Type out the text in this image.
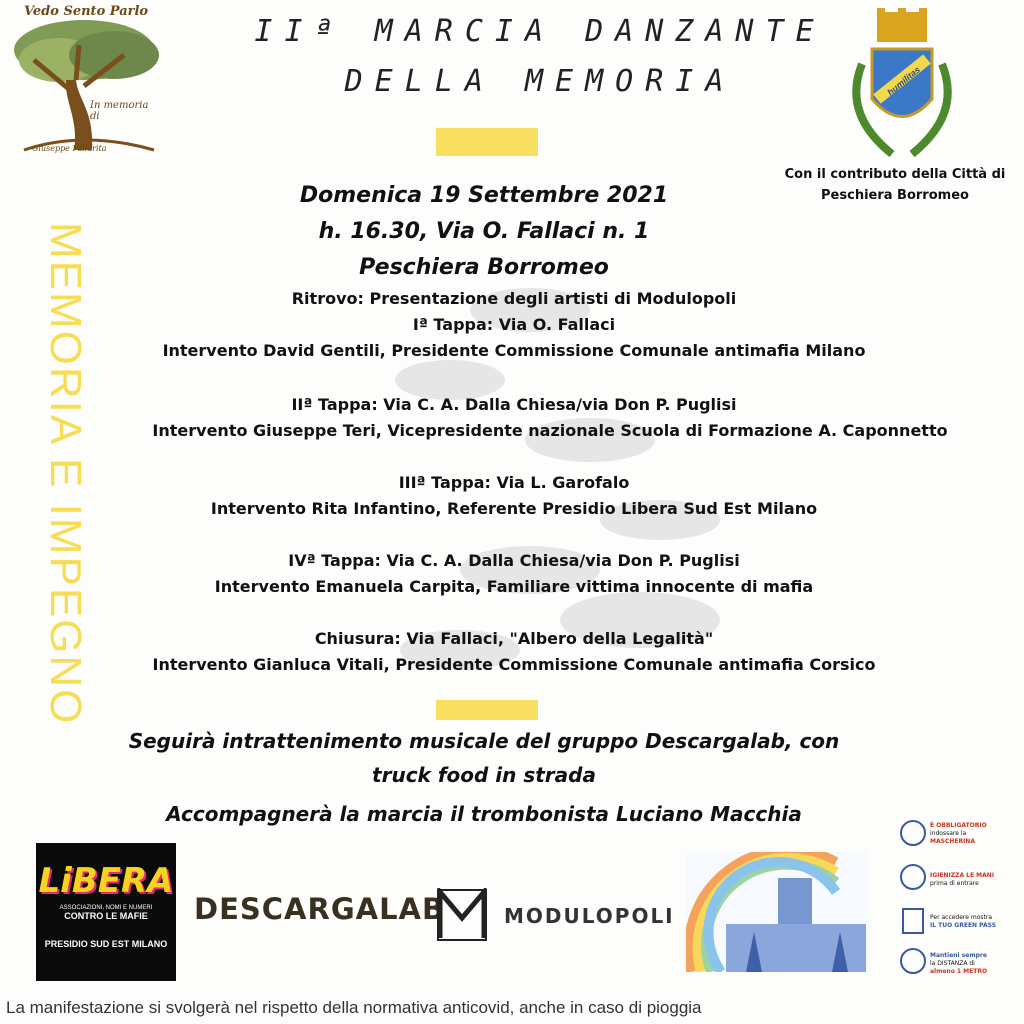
Vedo Sento Parlo
In memoria di
Giuseppe Fallarita
IIª MARCIA DANZANTE
DELLA MEMORIA	humilitas
Con il contributo della Città di
Peschiera Borromeo
MEMORIA E IMPEGNO
Domenica 19 Settembre 2021
h. 16.30, Via O. Fallaci n. 1
Peschiera Borromeo
Ritrovo: Presentazione degli artisti di Modulopoli
Iª Tappa: Via O. Fallaci
Intervento David Gentili, Presidente Commissione Comunale antimafia Milano
IIª Tappa: Via C. A. Dalla Chiesa/via Don P. Puglisi
Intervento Giuseppe Teri, Vicepresidente nazionale Scuola di Formazione A. Caponnetto
IIIª Tappa: Via L. Garofalo
Intervento Rita Infantino, Referente Presidio Libera Sud Est Milano
IVª Tappa: Via C. A. Dalla Chiesa/via Don P. Puglisi
Intervento Emanuela Carpita, Familiare vittima innocente di mafia
Chiusura: Via Fallaci, "Albero della Legalità"
Intervento Gianluca Vitali, Presidente Commissione Comunale antimafia Corsico
Seguirà intrattenimento musicale del gruppo Descargalab, con
truck food in strada
Accompagnerà la marcia il trombonista Luciano Macchia
LiBERA
ASSOCIAZIONI, NOMI E NUMERI
CONTRO LE MAFIE
PRESIDIO SUD EST MILANO
DESCARGALAB	MODULOPOLI
È OBBLIGATORIO
indossare la
MASCHERINA
IGIENIZZA LE MANI
prima di entrare
Per accedere mostra
IL TUO GREEN PASS
Mantieni sempre
la DISTANZA di
almeno 1 METRO
La manifestazione si svolgerà nel rispetto della normativa anticovid, anche in caso di pioggia
